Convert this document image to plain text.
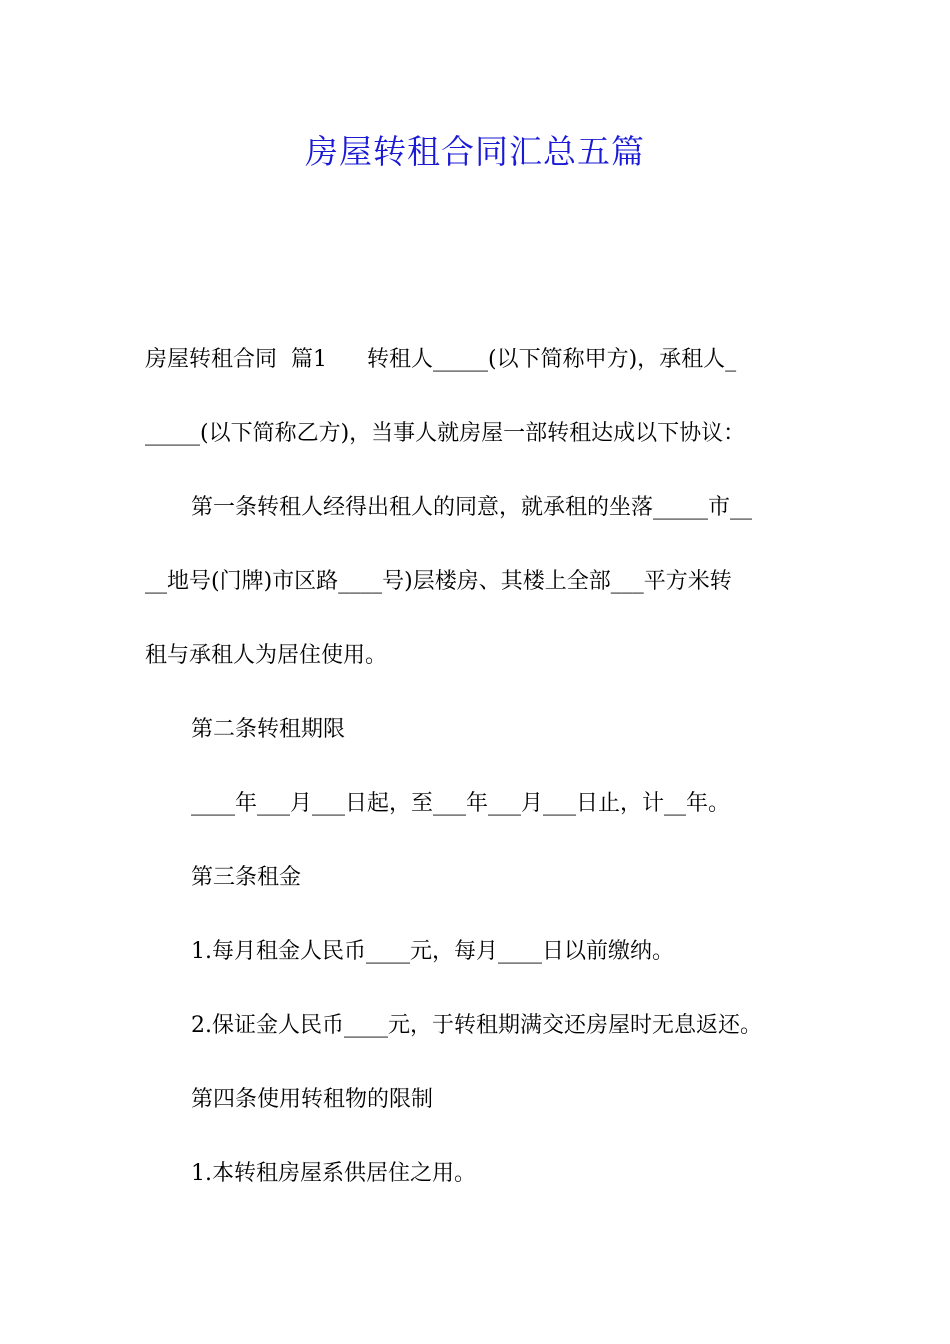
房屋转租合同汇总五篇
房屋转租合同  篇1 转租人_____(以下简称甲方)，承租人_
_____(以下简称乙方)，当事人就房屋一部转租达成以下协议：
第一条转租人经得出租人的同意，就承租的坐落_____市__
__地号(门牌)市区路____号)层楼房、其楼上全部___平方米转
租与承租人为居住使用。
第二条转租期限
____年___月___日起，至___年___月___日止，计__年。
第三条租金
1.每月租金人民币____元，每月____日以前缴纳。
2.保证金人民币____元，于转租期满交还房屋时无息返还。
第四条使用转租物的限制
1.本转租房屋系供居住之用。
